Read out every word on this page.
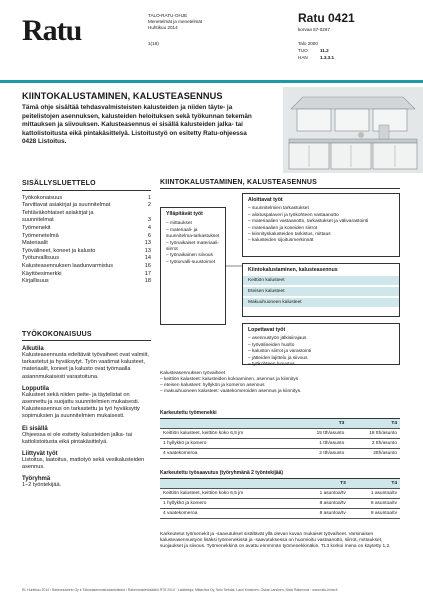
Ratu	TALO-RATU-OHJE
Menetelmät ja menetelmät
Huhtikuu 2014
1(18)
Ratu 0421
korvaa 57-0267
Talo 2000
TUO	11.2
HAN	1.3.3.1
KIINTOKALUSTAMINEN, KALUSTEASENNUS
Tämä ohje sisältää tehdasvalmisteisten kalusteiden ja niiden täyte- ja peitelistojen asennuksen, kalusteiden heloituksen sekä työkunnan tekemän mittauksen ja siivouksen. Kalusteasennus ei sisällä kalusteiden jalka- tai kattolistoitusta eikä pintakäsittelyä. Listoitustyö on esitetty Ratu-ohjeessa 0428 Listoitus.
SISÄLLYSLUETTELO
Työkokonaisuus	1
Tarvittavat asiakirjat ja suunnitelmat	2
Tehtäväkohtaiset asiakirjat ja
suunnitelmat	3
Työmenekit	4
Työmenetelmä	6
Materiaalit	13
Työvälineet, koneet ja kalusto	13
Työturvallisuus	14
Kalusteasennuksen laadunvarmistus	16
Käyttöesimerkki	17
Kirjallisuus	18
TYÖKOKONAISUUS
Alkutila
Kalusteasennusta edeltävät työvaiheet ovat valmiit, tarkastetut ja hyväksytyt. Työn vaatimat kalusteet, materiaalit, koneet ja kalusto ovat työmaalla asiannmukaisesti varastoituna.
Lopputila
Kalusteet sekä niiden peite- ja täytelistat on asennettu ja suojattu suunnitelmien mukaisesti. Kalusteasennus on tarkastettu ja työ hyväksytty sopimuksien ja suunnitelmien mukaisesti.
Ei sisällä
Ohjeessa ei ole esitetty kalusteiden jalka- tai kattolistoitusta eikä pintakäsittelyä.
Liittyvät työt
Listoitus, laatoitus, mattotyö sekä vesikalusteiden asennus.
Työryhmä
1–2 työntekijää.
KIINTOKALUSTAMINEN, KALUSTEASENNUS
Ylläpitävät työt
– mittaukset
– materiaali- ja suunnitelma-tarkastukset
– työnaikaiset materiaali-siirrot
– työnaikainen siivous
– työturvalli-suustoimet
Aloittavat työt
– suunnitelmien tarkastukset
– aloituspalaveri ja työkohteen vastaanotto
– materiaalien vastaanotto, tarkastukset ja välivarastointi
– materiaalien ja koneiden siirrot
– kiinnityskalusteiden tarkistus, mittaus
– kalusteiden sijoitusmerkinnät
Kiintokalustaminen, kalusteasennus
Keittiön kalusteet
Eteisen kalusteet
Makuuhuoneen kalusteet
Lopettavat työt
– asennustyön jälkisiirajaus
– työvälineiden huolto
– kaluston siirrot ja varastointi
– jätteiden lajittelu ja siivous
– työkohteen luovutus
Kalusteasennuksen työvaiheet
– keittiön kalusteet: kalusteiden kokoaminen, asennus ja kiinnitys
– eteisen kalusteet: hyllykön ja komeron asennus
– makuuhuoneen kalusteet: vaatekomeroiden asennus ja kiinnitys.
Karkeutettu työmenekki
	T3	T4
Keittiön kalusteet, keittiön koko 6,5 jm	15 tth/asunto	18 tth/asunto
1 hyllykkö ja komero	1 tth/asunto	2 tth/asunto
4 vaatekomeroa	2 tth/asunto	2tth/asunto
Karkeutettu työsaavutus (työryhmänä 2 työntekijää)
	T3	T4
Keittiön kalusteet, keittiön koko 6,5 jm	1 asuntoa/tv	1 asuntoa/tv
1 hyllykkö ja komero	8 asuntoa/tv	8 asuntoa/tv
4 vaatekomeroa	8 asuntoa/tv	8 asuntoa/tv
Karkeutetut työmenekit ja -saavutukset sisältävät yllä olevan kuvan mukaiset työvaiheet. Varsinaisen kalusteasennustyön lisäksi työmenekissä ja -saavutuksessa on huomioitu vastaanotto, siirrot, mittaukset, suojaukset ja siivous. Työmenekkinä on avattu ennmmän työmenekkinäkin. TL3 korkoi mena on käytetty 1,2.
RL Huhtikuu 2014 / Rakennustieto Oy ir Talonrakennustuotantotiedot / Rakennustietosäätiö RTS 2014 · Lisätietoja: Mittaviiva Oy, Selo Sehdat, Lauri Koskinen, Oskar Larsinen, Niels Rakennus · www.ratu-hinta.fi
